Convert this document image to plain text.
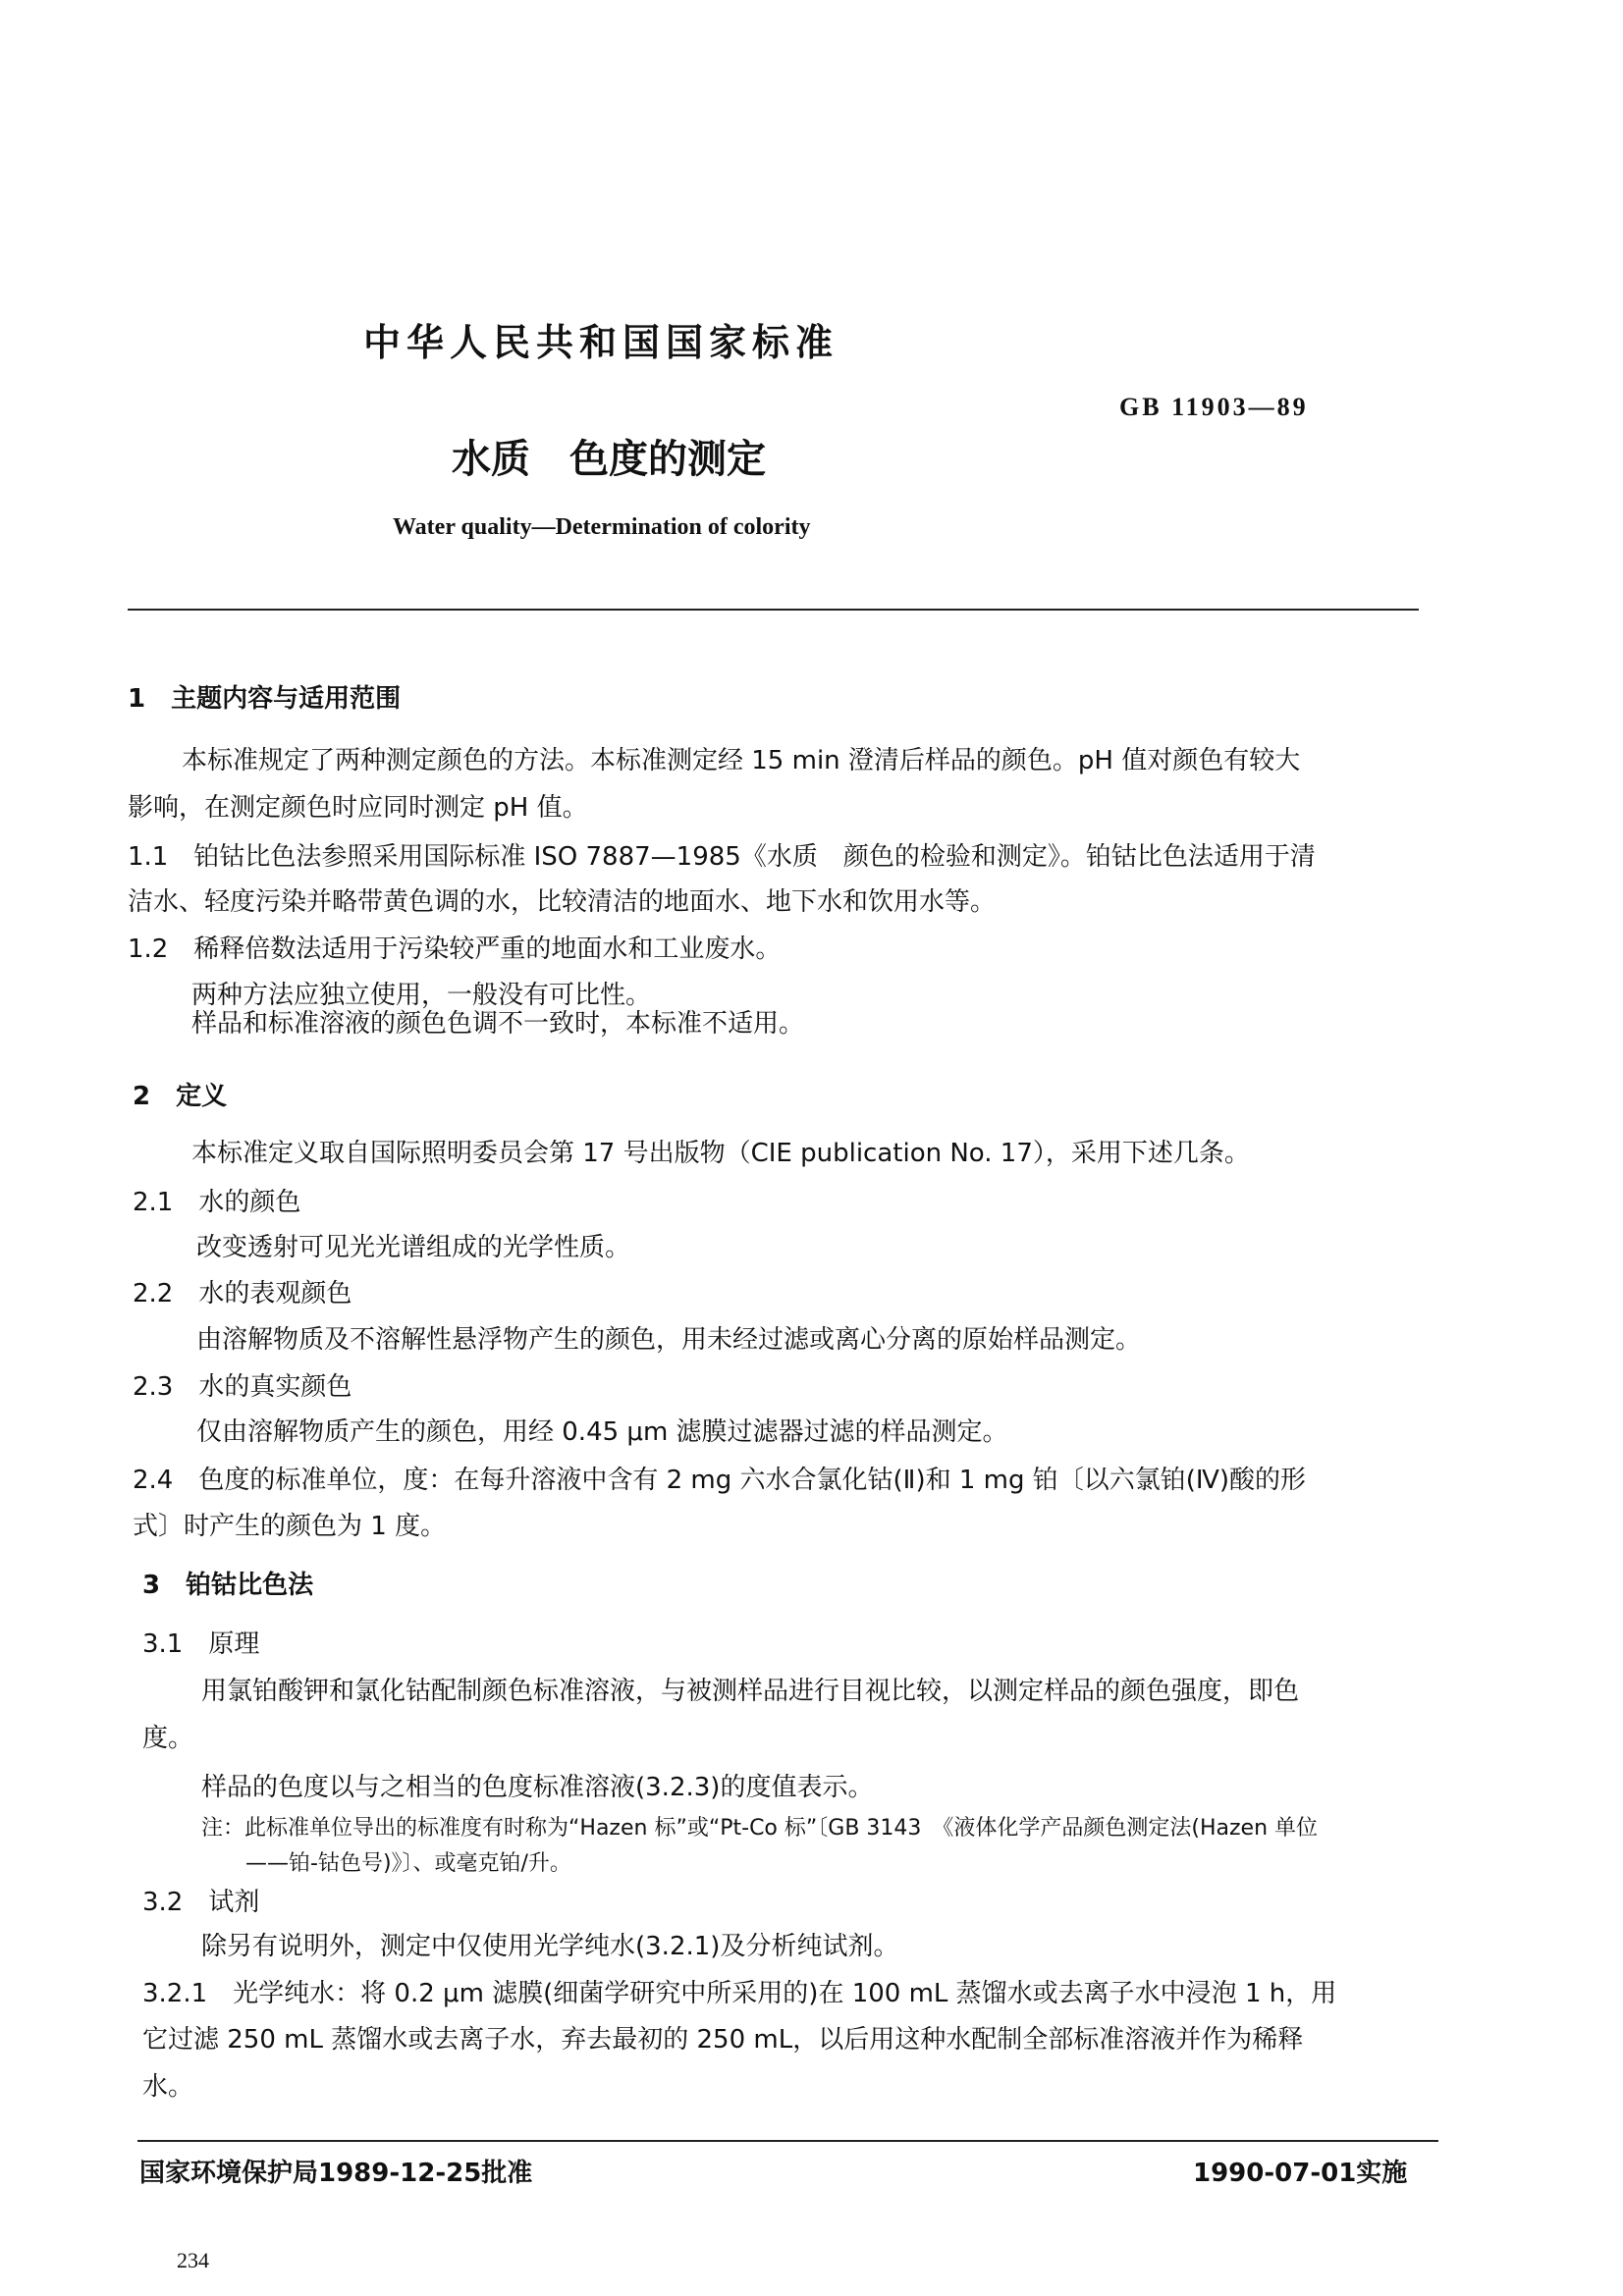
中华人民共和国国家标准
GB 11903—89
水质　色度的测定
Water quality—Determination of colority
1　主题内容与适用范围
本标准规定了两种测定颜色的方法。本标准测定经 15 min 澄清后样品的颜色。pH 值对颜色有较大
影响，在测定颜色时应同时测定 pH 值。
1.1　铂钴比色法参照采用国际标准 ISO 7887—1985《水质　颜色的检验和测定》。铂钴比色法适用于清
洁水、轻度污染并略带黄色调的水，比较清洁的地面水、地下水和饮用水等。
1.2　稀释倍数法适用于污染较严重的地面水和工业废水。
两种方法应独立使用，一般没有可比性。
样品和标准溶液的颜色色调不一致时，本标准不适用。
2　定义
本标准定义取自国际照明委员会第 17 号出版物（CIE publication No. 17），采用下述几条。
2.1　水的颜色
改变透射可见光光谱组成的光学性质。
2.2　水的表观颜色
由溶解物质及不溶解性悬浮物产生的颜色，用未经过滤或离心分离的原始样品测定。
2.3　水的真实颜色
仅由溶解物质产生的颜色，用经 0.45 μm 滤膜过滤器过滤的样品测定。
2.4　色度的标准单位，度：在每升溶液中含有 2 mg 六水合氯化钴(Ⅱ)和 1 mg 铂〔以六氯铂(Ⅳ)酸的形
式〕时产生的颜色为 1 度。
3　铂钴比色法
3.1　原理
用氯铂酸钾和氯化钴配制颜色标准溶液，与被测样品进行目视比较，以测定样品的颜色强度，即色
度。
样品的色度以与之相当的色度标准溶液(3.2.3)的度值表示。
注：此标准单位导出的标准度有时称为“Hazen 标”或“Pt-Co 标”〔GB 3143　《液体化学产品颜色测定法(Hazen 单位
——铂-钴色号)》〕、或毫克铂/升。
3.2　试剂
除另有说明外，测定中仅使用光学纯水(3.2.1)及分析纯试剂。
3.2.1　光学纯水：将 0.2 μm 滤膜(细菌学研究中所采用的)在 100 mL 蒸馏水或去离子水中浸泡 1 h，用
它过滤 250 mL 蒸馏水或去离子水，弃去最初的 250 mL，以后用这种水配制全部标准溶液并作为稀释
水。
国家环境保护局1989-12-25批准	1990-07-01实施
234
